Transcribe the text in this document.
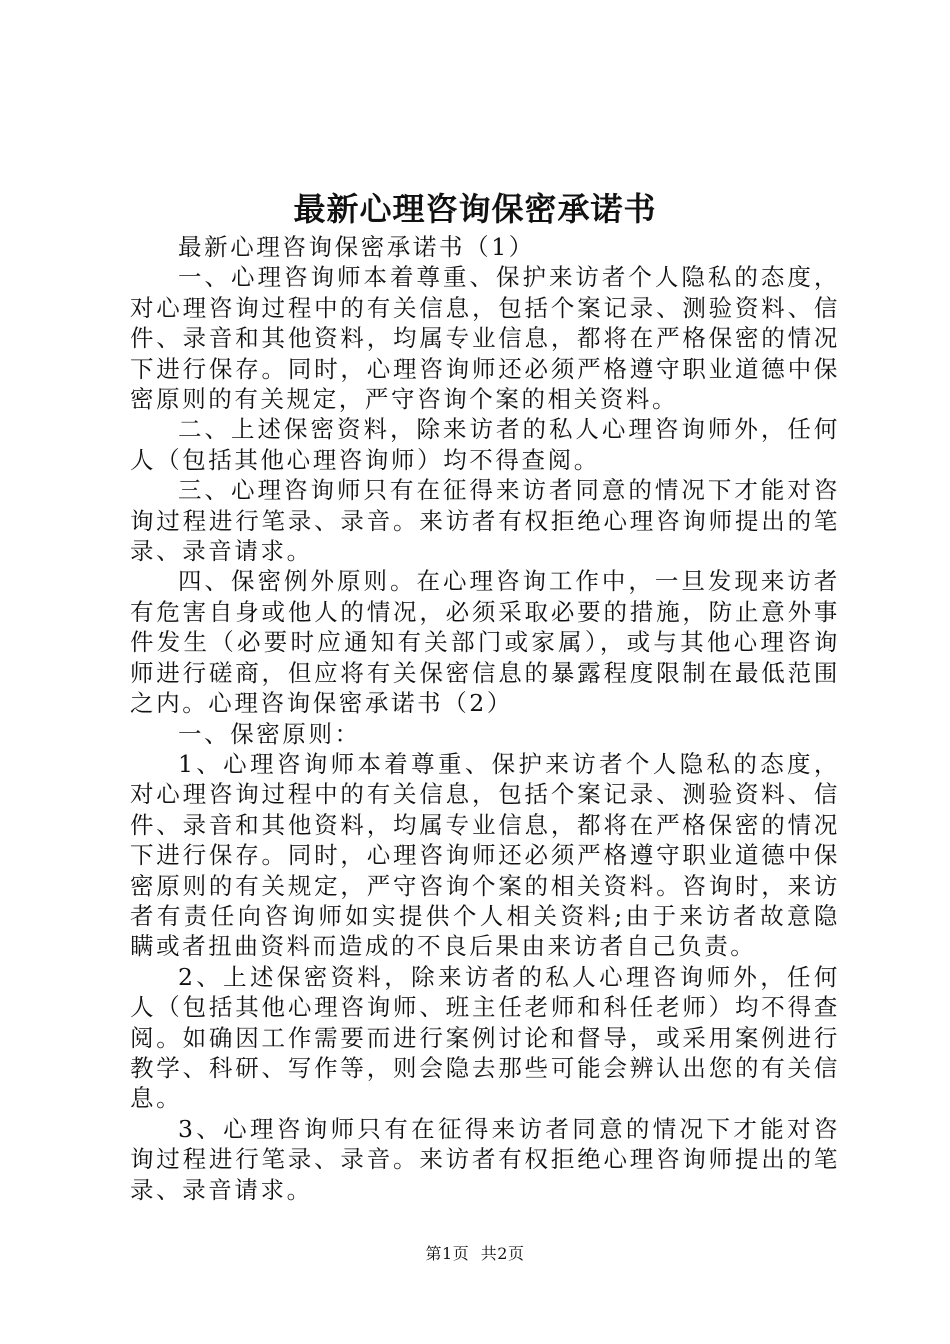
最新心理咨询保密承诺书

最新心理咨询保密承诺书（1）

一、心理咨询师本着尊重、保护来访者个人隐私的态度，对心理咨询过程中的有关信息，包括个案记录、测验资料、信件、录音和其他资料，均属专业信息，都将在严格保密的情况下进行保存。同时，心理咨询师还必须严格遵守职业道德中保密原则的有关规定，严守咨询个案的相关资料。

二、上述保密资料，除来访者的私人心理咨询师外，任何人（包括其他心理咨询师）均不得查阅。

三、心理咨询师只有在征得来访者同意的情况下才能对咨询过程进行笔录、录音。来访者有权拒绝心理咨询师提出的笔录、录音请求。

四、保密例外原则。在心理咨询工作中，一旦发现来访者有危害自身或他人的情况，必须采取必要的措施，防止意外事件发生（必要时应通知有关部门或家属），或与其他心理咨询师进行磋商，但应将有关保密信息的暴露程度限制在最低范围之内。心理咨询保密承诺书（2）

一、保密原则：

1、心理咨询师本着尊重、保护来访者个人隐私的态度，对心理咨询过程中的有关信息，包括个案记录、测验资料、信件、录音和其他资料，均属专业信息，都将在严格保密的情况下进行保存。同时，心理咨询师还必须严格遵守职业道德中保密原则的有关规定，严守咨询个案的相关资料。咨询时，来访者有责任向咨询师如实提供个人相关资料;由于来访者故意隐瞒或者扭曲资料而造成的不良后果由来访者自己负责。

2、上述保密资料，除来访者的私人心理咨询师外，任何人（包括其他心理咨询师、班主任老师和科任老师）均不得查阅。如确因工作需要而进行案例讨论和督导，或采用案例进行教学、科研、写作等，则会隐去那些可能会辨认出您的有关信息。

3、心理咨询师只有在征得来访者同意的情况下才能对咨询过程进行笔录、录音。来访者有权拒绝心理咨询师提出的笔录、录音请求。

第1页 共2页
